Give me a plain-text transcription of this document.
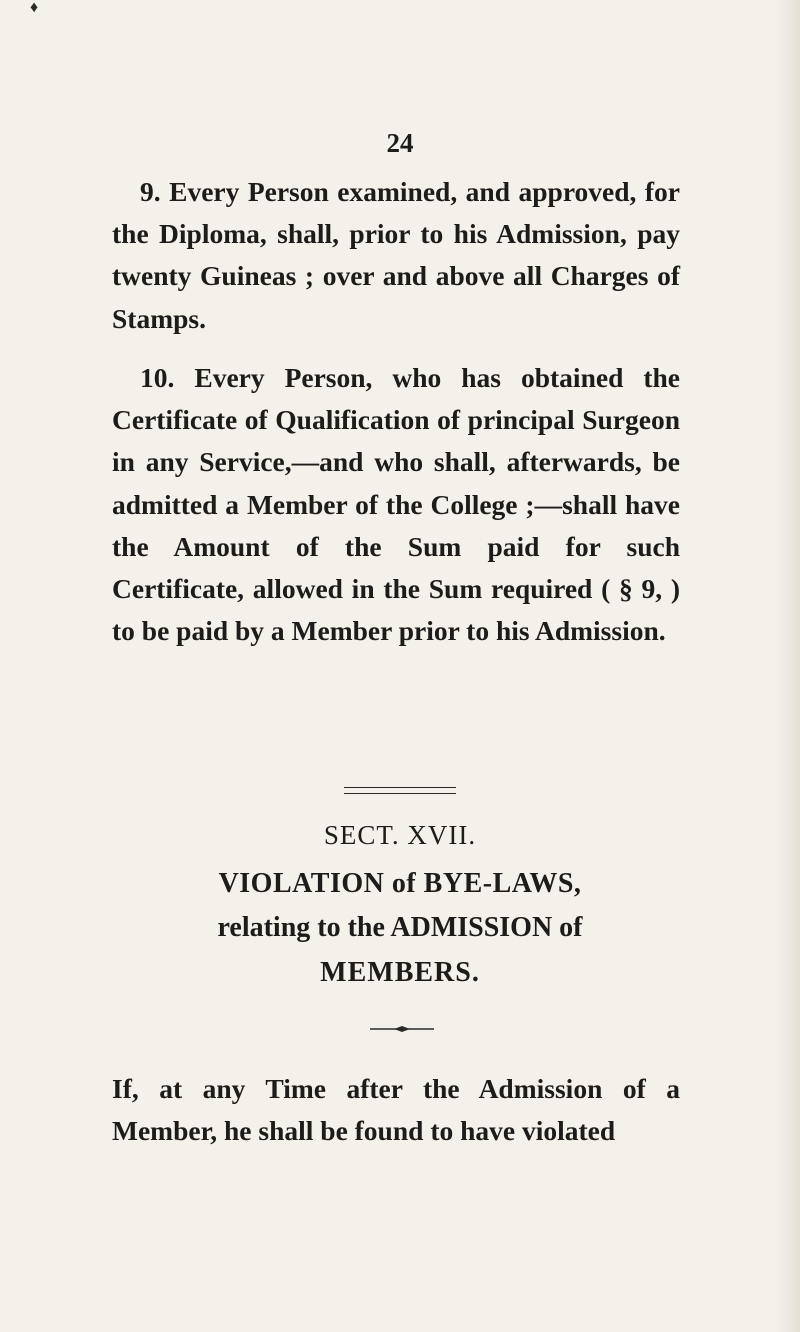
♦
24

9. Every Person examined, and approved, for the Diploma, shall, prior to his Admission, pay twenty Guineas ; over and above all Charges of Stamps.

10. Every Person, who has obtained the Certificate of Qualification of principal Surgeon in any Service,—and who shall, afterwards, be admitted a Member of the College ;—shall have the Amount of the Sum paid for such Certificate, allowed in the Sum required ( § 9, ) to be paid by a Member prior to his Admission.

SECT. XVII.
VIOLATION of BYE-LAWS,
relating to the ADMISSION of
MEMBERS.

If, at any Time after the Admission of a Member, he shall be found to have violated
